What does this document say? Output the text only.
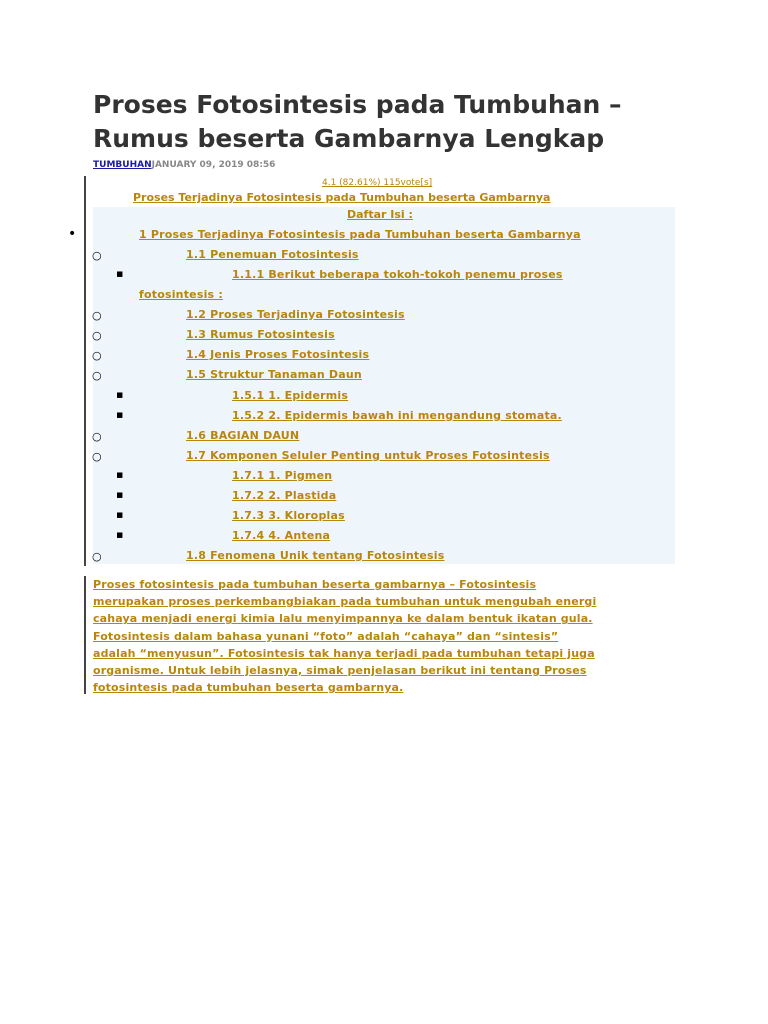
Proses Fotosintesis pada Tumbuhan –
Rumus beserta Gambarnya Lengkap
TUMBUHANJANUARY 09, 2019 08:56
4.1 (82.61%) 115vote[s]
Proses Terjadinya Fotosintesis pada Tumbuhan beserta Gambarnya
Daftar Isi :
•
○
▪
○
○
○
○
▪
▪
○
○
▪
▪
▪
▪
○
1 Proses Terjadinya Fotosintesis pada Tumbuhan beserta Gambarnya
1.1 Penemuan Fotosintesis
1.1.1 Berikut beberapa tokoh-tokoh penemu proses
fotosintesis :
1.2 Proses Terjadinya Fotosintesis
1.3 Rumus Fotosintesis
1.4 Jenis Proses Fotosintesis
1.5 Struktur Tanaman Daun
1.5.1 1. Epidermis
1.5.2 2. Epidermis bawah ini mengandung stomata.
1.6 BAGIAN DAUN
1.7 Komponen Seluler Penting untuk Proses Fotosintesis
1.7.1 1. Pigmen
1.7.2 2. Plastida
1.7.3 3. Kloroplas
1.7.4 4. Antena
1.8 Fenomena Unik tentang Fotosintesis
Proses fotosintesis pada tumbuhan beserta gambarnya – Fotosintesis
merupakan proses perkembangbiakan pada tumbuhan untuk mengubah energi
cahaya menjadi energi kimia lalu menyimpannya ke dalam bentuk ikatan gula.
Fotosintesis dalam bahasa yunani “foto” adalah “cahaya” dan “sintesis”
adalah “menyusun”. Fotosintesis tak hanya terjadi pada tumbuhan tetapi juga
organisme. Untuk lebih jelasnya, simak penjelasan berikut ini tentang Proses
fotosintesis pada tumbuhan beserta gambarnya.
